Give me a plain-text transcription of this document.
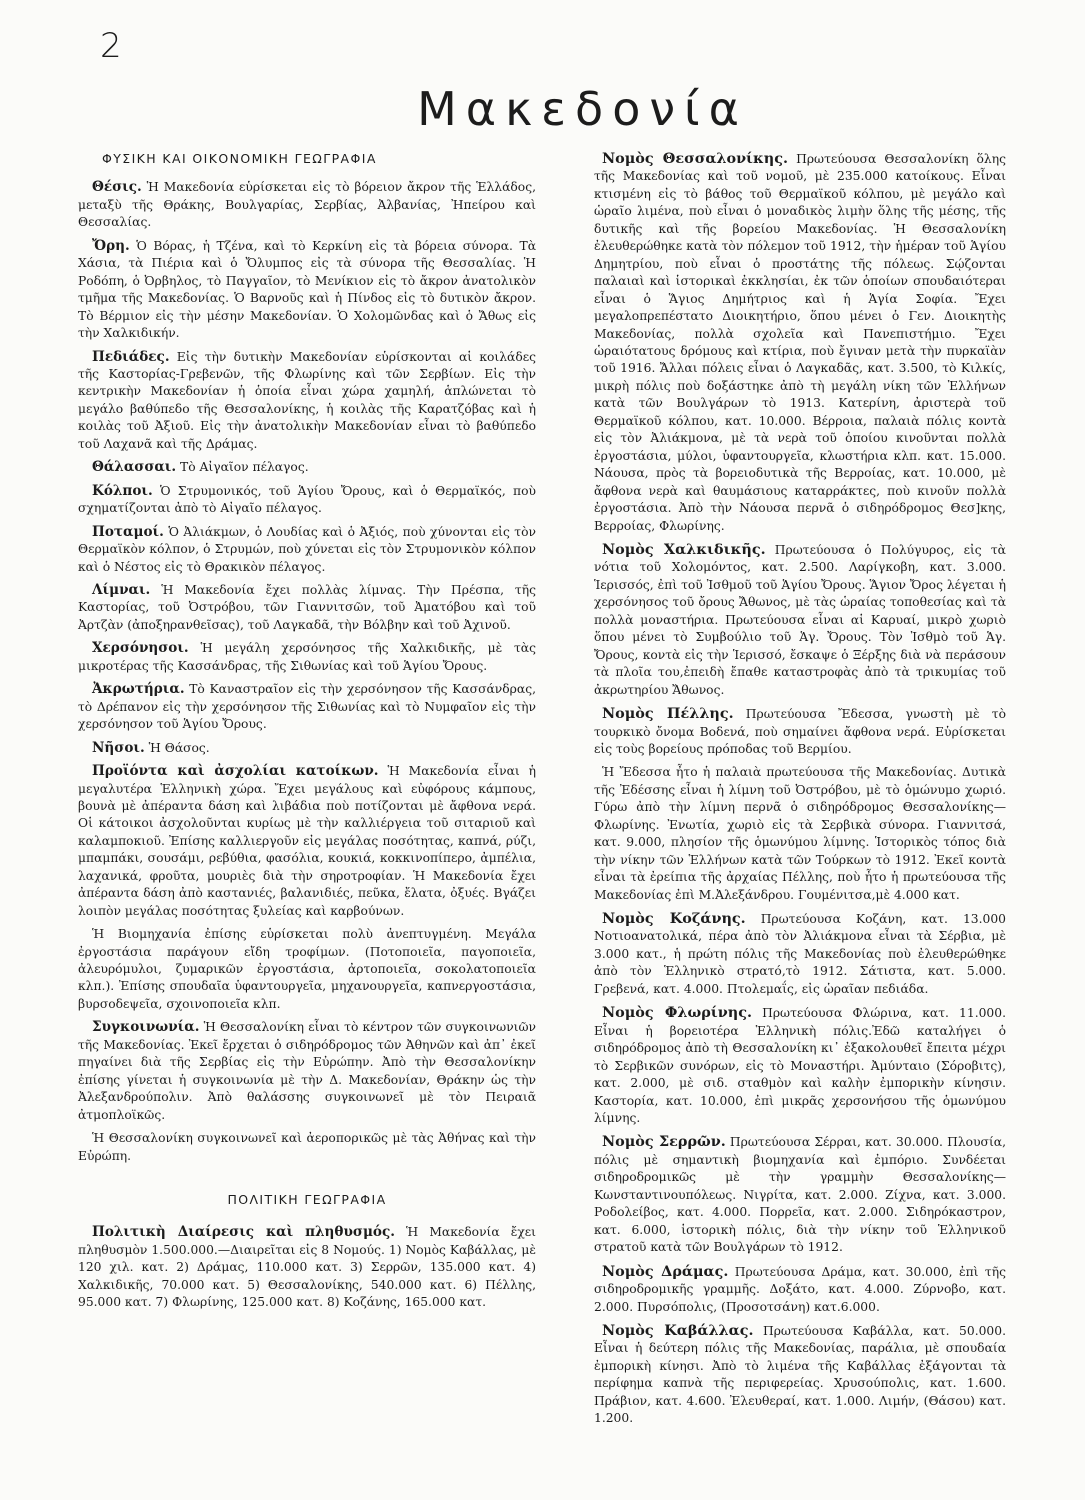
2
Μακεδονία
ΦΥΣΙΚΗ ΚΑΙ ΟΙΚΟΝΟΜΙΚΗ ΓΕΩΓΡΑΦΙΑ

Θέσις. Ἡ Μακεδονία εὑρίσκεται εἰς τὸ βόρειον ἄκρον τῆς Ἑλλάδος, μεταξὺ τῆς Θράκης, Βουλγαρίας, Σερβίας, Ἀλβανίας, Ἠπείρου καὶ Θεσσαλίας.

Ὄρη. Ὁ Βόρας, ἡ Τζένα, καὶ τὸ Κερκίνη εἰς τὰ βόρεια σύνορα. Τὰ Χάσια, τὰ Πιέρια καὶ ὁ Ὄλυμπος εἰς τὰ σύνορα τῆς Θεσσαλίας. Ἡ Ροδόπη, ὁ Ὀρβηλος, τὸ Παγγαῖον, τὸ Μενίκιον εἰς τὸ ἄκρον ἀνατολικὸν τμῆμα τῆς Μακεδονίας. Ὁ Βαρνοῦς καὶ ἡ Πίνδος εἰς τὸ δυτικὸν ἄκρον. Τὸ Βέρμιον εἰς τὴν μέσην Μακεδονίαν. Ὁ Χολομῶνδας καὶ ὁ Ἄθως εἰς τὴν Χαλκιδικήν.

Πεδιάδες. Εἰς τὴν δυτικὴν Μακεδονίαν εὑρίσκονται αἱ κοιλάδες τῆς Καστορίας-Γρεβενῶν, τῆς Φλωρίνης καὶ τῶν Σερβίων. Εἰς τὴν κεντρικὴν Μακεδονίαν ἡ ὁποία εἶναι χώρα χαμηλή, ἁπλώνεται τὸ μεγάλο βαθύπεδο τῆς Θεσσαλονίκης, ἡ κοιλὰς τῆς Καρατζόβας καὶ ἡ κοιλὰς τοῦ Ἀξιοῦ. Εἰς τὴν ἀνατολικὴν Μακεδονίαν εἶναι τὸ βαθύπεδο τοῦ Λαχανᾶ καὶ τῆς Δράμας.

Θάλασσαι. Τὸ Αἰγαῖον πέλαγος.

Κόλποι. Ὁ Στρυμονικός, τοῦ Ἁγίου Ὄρους, καὶ ὁ Θερμαϊκός, ποὺ σχηματίζονται ἀπὸ τὸ Αἰγαῖο πέλαγος.

Ποταμοί. Ὁ Ἀλιάκμων, ὁ Λουδίας καὶ ὁ Ἀξιός, ποὺ χύνονται εἰς τὸν Θερμαϊκὸν κόλπον, ὁ Στρυμών, ποὺ χύνεται εἰς τὸν Στρυμονικὸν κόλπον καὶ ὁ Νέστος εἰς τὸ Θρακικὸν πέλαγος.

Λίμναι. Ἡ Μακεδονία ἔχει πολλὰς λίμνας. Τὴν Πρέσπα, τῆς Καστορίας, τοῦ Ὀστρόβου, τῶν Γιαννιτσῶν, τοῦ Ἀματόβου καὶ τοῦ Ἀρτζὰν (ἀποξηρανθεῖσας), τοῦ Λαγκαδᾶ, τὴν Βόλβην καὶ τοῦ Ἀχινοῦ.

Χερσόνησοι. Ἡ μεγάλη χερσόνησος τῆς Χαλκιδικῆς, μὲ τὰς μικροτέρας τῆς Κασσάνδρας, τῆς Σιθωνίας καὶ τοῦ Ἁγίου Ὄρους.

Ἀκρωτήρια. Τὸ Καναστραῖον εἰς τὴν χερσόνησον τῆς Κασσάνδρας, τὸ Δρέπανον εἰς τὴν χερσόνησον τῆς Σιθωνίας καὶ τὸ Νυμφαῖον εἰς τὴν χερσόνησον τοῦ Ἁγίου Ὄρους.

Νῆσοι. Ἡ Θάσος.

Προϊόντα καὶ ἀσχολίαι κατοίκων. Ἡ Μακεδονία εἶναι ἡ μεγαλυτέρα Ἑλληνικὴ χώρα. Ἔχει μεγάλους καὶ εὐφόρους κάμπους, βουνὰ μὲ ἀπέραντα δάση καὶ λιβάδια ποὺ ποτίζονται μὲ ἄφθονα νερά. Οἱ κάτοικοι ἀσχολοῦνται κυρίως μὲ τὴν καλλιέργεια τοῦ σιταριοῦ καὶ καλαμποκιοῦ. Ἐπίσης καλλιεργοῦν εἰς μεγάλας ποσότητας, καπνά, ρύζι, μπαμπάκι, σουσάμι, ρεβύθια, φασόλια, κουκιά, κοκκινοπίπερο, ἀμπέλια, λαχανικά, φροῦτα, μουριὲς διὰ τὴν σηροτροφίαν. Ἡ Μακεδονία ἔχει ἀπέραντα δάση ἀπὸ καστανιές, βαλανιδιές, πεῦκα, ἔλατα, ὀξυές. Βγάζει λοιπὸν μεγάλας ποσότητας ξυλείας καὶ καρβούνων.

Ἡ Βιομηχανία ἐπίσης εὑρίσκεται πολὺ ἀνεπτυγμένη. Μεγάλα ἐργοστάσια παράγουν εἴδη τροφίμων. (Ποτοποιεῖα, παγοποιεῖα, ἀλευρόμυλοι, ζυμαρικῶν ἐργοστάσια, ἀρτοποιεῖα, σοκολατοποιεῖα κλπ.). Ἐπίσης σπουδαῖα ὑφαντουργεῖα, μηχανουργεῖα, καπνεργοστάσια, βυρσοδεψεῖα, σχοινοποιεῖα κλπ.

Συγκοινωνία. Ἡ Θεσσαλονίκη εἶναι τὸ κέντρον τῶν συγκοινωνιῶν τῆς Μακεδονίας. Ἐκεῖ ἔρχεται ὁ σιδηρόδρομος τῶν Ἀθηνῶν καὶ ἀπ᾿ ἐκεῖ πηγαίνει διὰ τῆς Σερβίας εἰς τὴν Εὐρώπην. Ἀπὸ τὴν Θεσσαλονίκην ἐπίσης γίνεται ἡ συγκοινωνία μὲ τὴν Δ. Μακεδονίαν, Θράκην ὡς τὴν Ἀλεξανδρούπολιν. Ἀπὸ θαλάσσης συγκοινωνεῖ μὲ τὸν Πειραιᾶ ἀτμοπλοϊκῶς.

Ἡ Θεσσαλονίκη συγκοινωνεῖ καὶ ἀεροπορικῶς μὲ τὰς Ἀθήνας καὶ τὴν Εὐρώπη.

ΠΟΛΙΤΙΚΗ ΓΕΩΓΡΑΦΙΑ

Πολιτικὴ Διαίρεσις καὶ πληθυσμός. Ἡ Μακεδονία ἔχει πληθυσμὸν 1.500.000.—Διαιρεῖται εἰς 8 Νομούς. 1) Νομὸς Καβάλλας, μὲ 120 χιλ. κατ. 2) Δράμας, 110.000 κατ. 3) Σερρῶν, 135.000 κατ. 4) Χαλκιδικῆς, 70.000 κατ. 5) Θεσσαλονίκης, 540.000 κατ. 6) Πέλλης, 95.000 κατ. 7) Φλωρίνης, 125.000 κατ. 8) Κοζάνης, 165.000 κατ.

Νομὸς Θεσσαλονίκης. Πρωτεύουσα Θεσσαλονίκη ὅλης τῆς Μακεδονίας καὶ τοῦ νομοῦ, μὲ 235.000 κατοίκους. Εἶναι κτισμένη εἰς τὸ βάθος τοῦ Θερμαϊκοῦ κόλπου, μὲ μεγάλο καὶ ὡραῖο λιμένα, ποὺ εἶναι ὁ μοναδικὸς λιμὴν ὅλης τῆς μέσης, τῆς δυτικῆς καὶ τῆς βορείου Μακεδονίας. Ἡ Θεσσαλονίκη ἐλευθερώθηκε κατὰ τὸν πόλεμον τοῦ 1912, τὴν ἡμέραν τοῦ Ἁγίου Δημητρίου, ποὺ εἶναι ὁ προστάτης τῆς πόλεως. Σῴζονται παλαιαὶ καὶ ἱστορικαὶ ἐκκλησίαι, ἐκ τῶν ὁποίων σπουδαιότεραι εἶναι ὁ Ἅγιος Δημήτριος καὶ ἡ Ἁγία Σοφία. Ἔχει μεγαλοπρεπέστατο Διοικητήριο, ὅπου μένει ὁ Γεν. Διοικητὴς Μακεδονίας, πολλὰ σχολεῖα καὶ Πανεπιστήμιο. Ἔχει ὡραιότατους δρόμους καὶ κτίρια, ποὺ ἔγιναν μετὰ τὴν πυρκαϊὰν τοῦ 1916. Ἄλλαι πόλεις εἶναι ὁ Λαγκαδᾶς, κατ. 3.500, τὸ Κιλκίς, μικρὴ πόλις ποὺ δοξάστηκε ἀπὸ τὴ μεγάλη νίκη τῶν Ἑλλήνων κατὰ τῶν Βουλγάρων τὸ 1913. Κατερίνη, ἀριστερὰ τοῦ Θερμαϊκοῦ κόλπου, κατ. 10.000. Βέρροια, παλαιὰ πόλις κοντὰ εἰς τὸν Ἀλιάκμονα, μὲ τὰ νερὰ τοῦ ὁποίου κινοῦνται πολλὰ ἐργοστάσια, μύλοι, ὑφαντουργεῖα, κλωστήρια κλπ. κατ. 15.000. Νάουσα, πρὸς τὰ βορειοδυτικὰ τῆς Βερροίας, κατ. 10.000, μὲ ἄφθονα νερὰ καὶ θαυμάσιους καταρράκτες, ποὺ κινοῦν πολλὰ ἐργοστάσια. Ἀπὸ τὴν Νάουσα περνᾶ ὁ σιδηρόδρομος Θεσ]κης, Βερροίας, Φλωρίνης.

Νομὸς Χαλκιδικῆς. Πρωτεύουσα ὁ Πολύγυρος, εἰς τὰ νότια τοῦ Χολομόντος, κατ. 2.500. Λαρίγκοβη, κατ. 3.000. Ἱερισσός, ἐπὶ τοῦ Ἰσθμοῦ τοῦ Ἁγίου Ὄρους. Ἅγιον Ὄρος λέγεται ἡ χερσόνησος τοῦ ὄρους Ἄθωνος, μὲ τὰς ὡραίας τοποθεσίας καὶ τὰ πολλὰ μοναστήρια. Πρωτεύουσα εἶναι αἱ Καρυαί, μικρὸ χωριὸ ὅπου μένει τὸ Συμβούλιο τοῦ Ἁγ. Ὄρους. Τὸν Ἰσθμὸ τοῦ Ἁγ. Ὄρους, κοντὰ εἰς τὴν Ἱερισσό, ἔσκαψε ὁ Ξέρξης διὰ νὰ περάσουν τὰ πλοῖα του,ἐπειδὴ ἔπαθε καταστροφὰς ἀπὸ τὰ τρικυμίας τοῦ ἀκρωτηρίου Ἄθωνος.

Νομὸς Πέλλης. Πρωτεύουσα Ἔδεσσα, γνωστὴ μὲ τὸ τουρκικὸ ὄνομα Βοδενά, ποὺ σημαίνει ἄφθονα νερά. Εὑρίσκεται εἰς τοὺς βορείους πρόποδας τοῦ Βερμίου.

Ἡ Ἔδεσσα ἦτο ἡ παλαιὰ πρωτεύουσα τῆς Μακεδονίας. Δυτικὰ τῆς Ἐδέσσης εἶναι ἡ λίμνη τοῦ Ὀστρόβου, μὲ τὸ ὁμώνυμο χωριό. Γύρω ἀπὸ τὴν λίμνη περνᾶ ὁ σιδηρόδρομος Θεσσαλονίκης—Φλωρίνης. Ἐνωτία, χωριὸ εἰς τὰ Σερβικὰ σύνορα. Γιαννιτσά, κατ. 9.000, πλησίον τῆς ὁμωνύμου λίμνης. Ἱστορικὸς τόπος διὰ τὴν νίκην τῶν Ἑλλήνων κατὰ τῶν Τούρκων τὸ 1912. Ἐκεῖ κοντὰ εἶναι τὰ ἐρείπια τῆς ἀρχαίας Πέλλης, ποὺ ἦτο ἡ πρωτεύουσα τῆς Μακεδονίας ἐπὶ Μ.Ἀλεξάνδρου. Γουμένιτσα,μὲ 4.000 κατ.

Νομὸς Κοζάνης. Πρωτεύουσα Κοζάνη, κατ. 13.000 Νοτιοανατολικά, πέρα ἀπὸ τὸν Ἀλιάκμονα εἶναι τὰ Σέρβια, μὲ 3.000 κατ., ἡ πρώτη πόλις τῆς Μακεδονίας ποὺ ἐλευθερώθηκε ἀπὸ τὸν Ἑλληνικὸ στρατό,τὸ 1912. Σάτιστα, κατ. 5.000. Γρεβενά, κατ. 4.000. Πτολεμαΐς, εἰς ὡραῖαν πεδιάδα.

Νομὸς Φλωρίνης. Πρωτεύουσα Φλώρινα, κατ. 11.000. Εἶναι ἡ βορειοτέρα Ἑλληνικὴ πόλις.Ἐδῶ καταλήγει ὁ σιδηρόδρομος ἀπὸ τὴ Θεσσαλονίκη κι᾿ ἐξακολουθεῖ ἔπειτα μέχρι τὸ Σερβικῶν συνόρων, εἰς τὸ Μοναστήρι. Ἀμύνταιο (Σόροβιτς), κατ. 2.000, μὲ σιδ. σταθμὸν καὶ καλὴν ἐμπορικὴν κίνησιν. Καστορία, κατ. 10.000, ἐπὶ μικρᾶς χερσονήσου τῆς ὁμωνύμου λίμνης.

Νομὸς Σερρῶν. Πρωτεύουσα Σέρραι, κατ. 30.000. Πλουσία, πόλις μὲ σημαντικὴ βιομηχανία καὶ ἐμπόριο. Συνδέεται σιδηροδρομικῶς μὲ τὴν γραμμὴν Θεσσαλονίκης—Κωνσταντινουπόλεως. Νιγρίτα, κατ. 2.000. Ζίχνα, κατ. 3.000. Ροδολείβος, κατ. 4.000. Πορρεῖα, κατ. 2.000. Σιδηρόκαστρον, κατ. 6.000, ἱστορικὴ πόλις, διὰ τὴν νίκην τοῦ Ἑλληνικοῦ στρατοῦ κατὰ τῶν Βουλγάρων τὸ 1912.

Νομὸς Δράμας. Πρωτεύουσα Δράμα, κατ. 30.000, ἐπὶ τῆς σιδηροδρομικῆς γραμμῆς. Δοξάτο, κατ. 4.000. Ζύρνοβο, κατ. 2.000. Πυρσόπολις, (Προσοτσάνη) κατ.6.000.

Νομὸς Καβάλλας. Πρωτεύουσα Καβάλλα, κατ. 50.000. Εἶναι ἡ δεύτερη πόλις τῆς Μακεδονίας, παράλια, μὲ σπουδαία ἐμπορικὴ κίνησι. Ἀπὸ τὸ λιμένα τῆς Καβάλλας ἐξάγονται τὰ περίφημα καπνὰ τῆς περιφερείας. Χρυσούπολις, κατ. 1.600. Πράβιον, κατ. 4.600. Ἐλευθεραί, κατ. 1.000. Λιμήν, (Θάσου) κατ. 1.200.
